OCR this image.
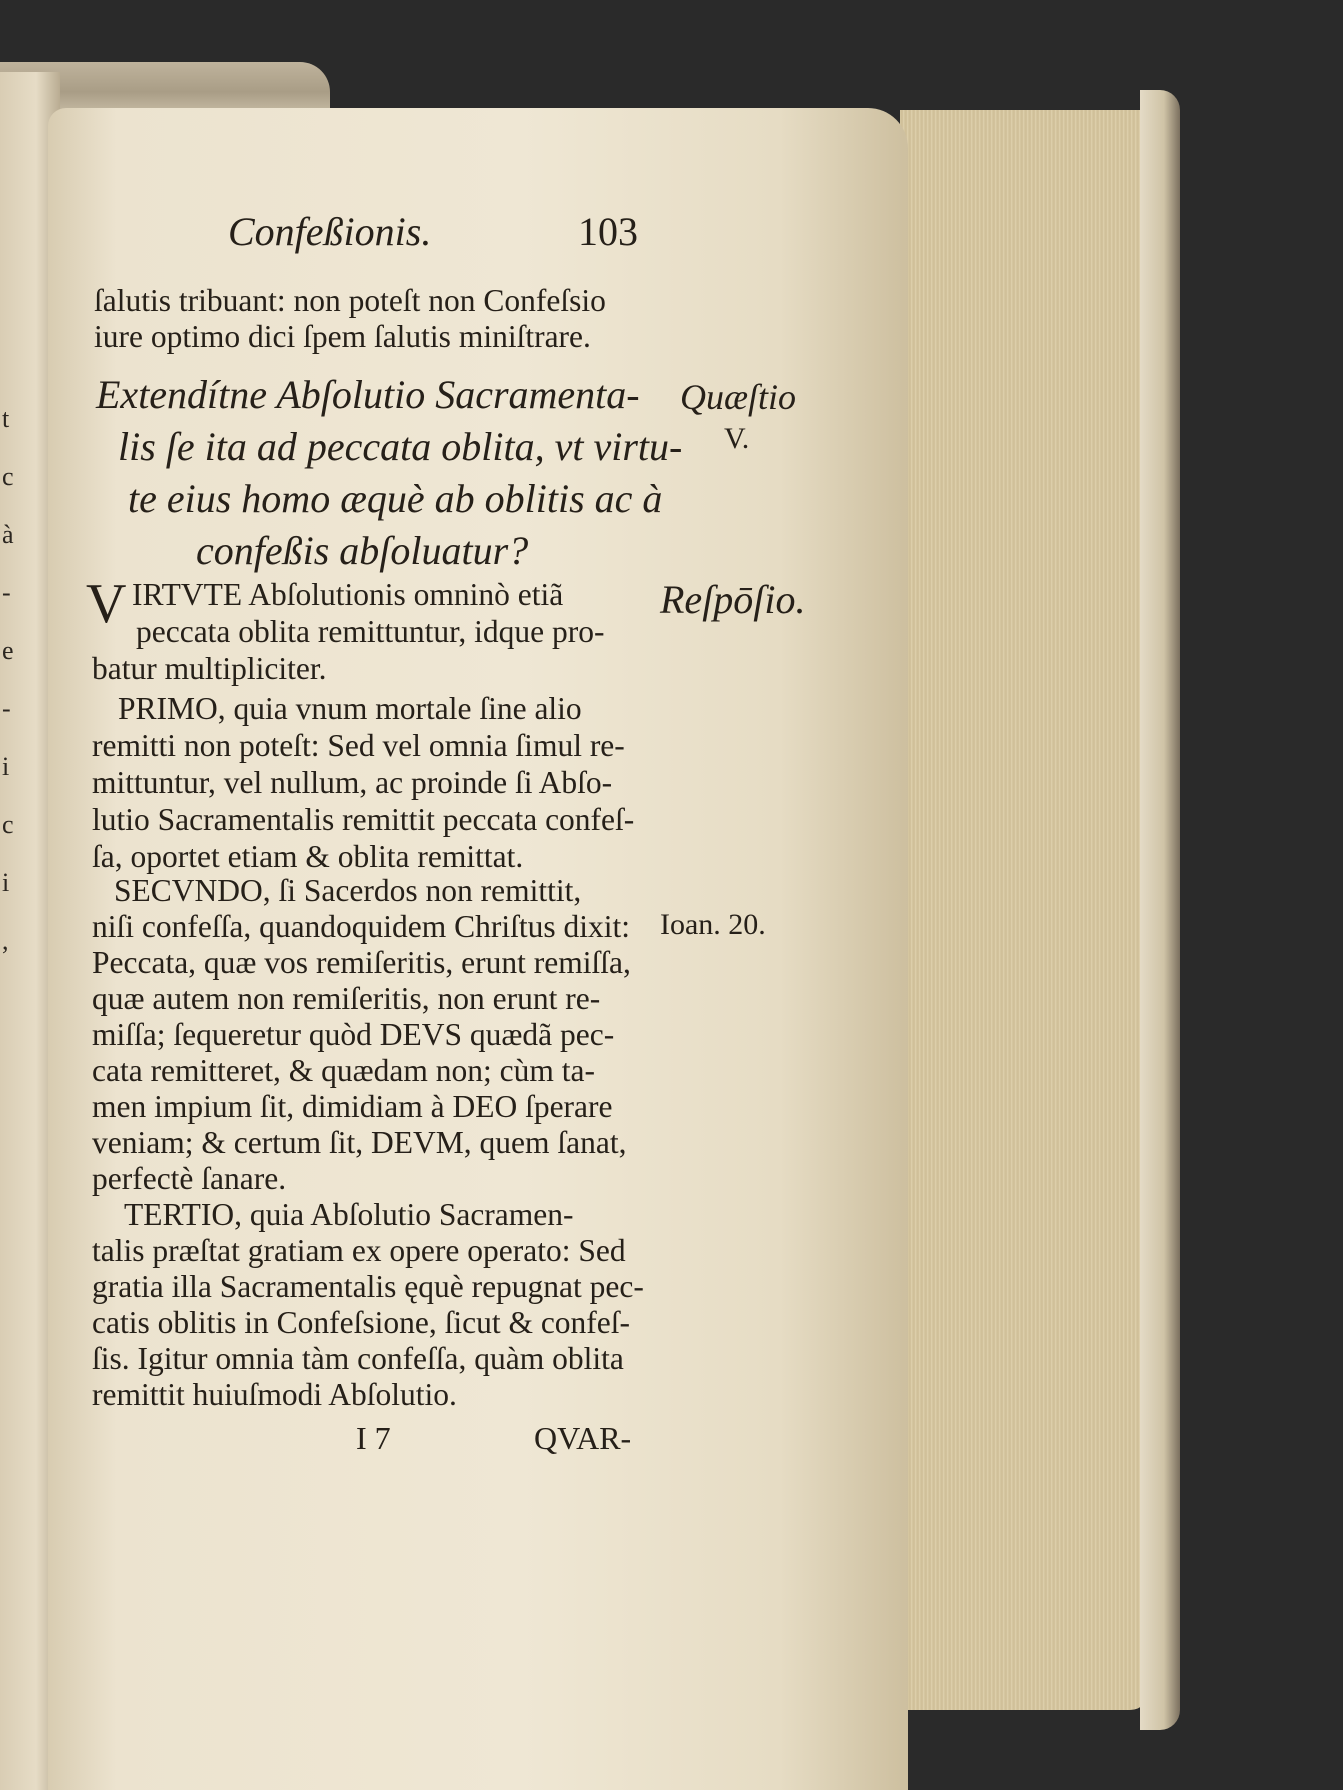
t
c
à
-
e
-
i
c
i
,
Confeßionis.	103
ſalutis tribuant: non poteſt non Confeſsio
iure optimo dici ſpem ſalutis miniſtrare.
Extendítne Abſolutio Sacramenta-
lis ſe ita ad peccata oblita, vt virtu-
te eius homo æquè ab oblitis ac à
confeßis abſoluatur?
Quæſtio
V.
Reſpōſio.
Ioan. 20.
V IRTVTE Abſolutionis omninò etiã
peccata oblita remittuntur, idque pro-
batur multipliciter.
PRIMO, quia vnum mortale ſine alio
remitti non poteſt: Sed vel omnia ſimul re-
mittuntur, vel nullum, ac proinde ſi Abſo-
lutio Sacramentalis remittit peccata confeſ-
ſa, oportet etiam & oblita remittat.
SECVNDO, ſi Sacerdos non remittit,
niſi confeſſa, quandoquidem Chriſtus dixit:
Peccata, quæ vos remiſeritis, erunt remiſſa,
quæ autem non remiſeritis, non erunt re-
miſſa; ſequeretur quòd DEVS quædã pec-
cata remitteret, & quædam non; cùm ta-
men impium ſit, dimidiam à DEO ſperare
veniam; & certum ſit, DEVM, quem ſanat,
perfectè ſanare.
TERTIO, quia Abſolutio Sacramen-
talis præſtat gratiam ex opere operato: Sed
gratia illa Sacramentalis ęquè repugnat pec-
catis oblitis in Confeſsione, ſicut & confeſ-
ſis. Igitur omnia tàm confeſſa, quàm oblita
remittit huiuſmodi Abſolutio.
I 7	QVAR-
